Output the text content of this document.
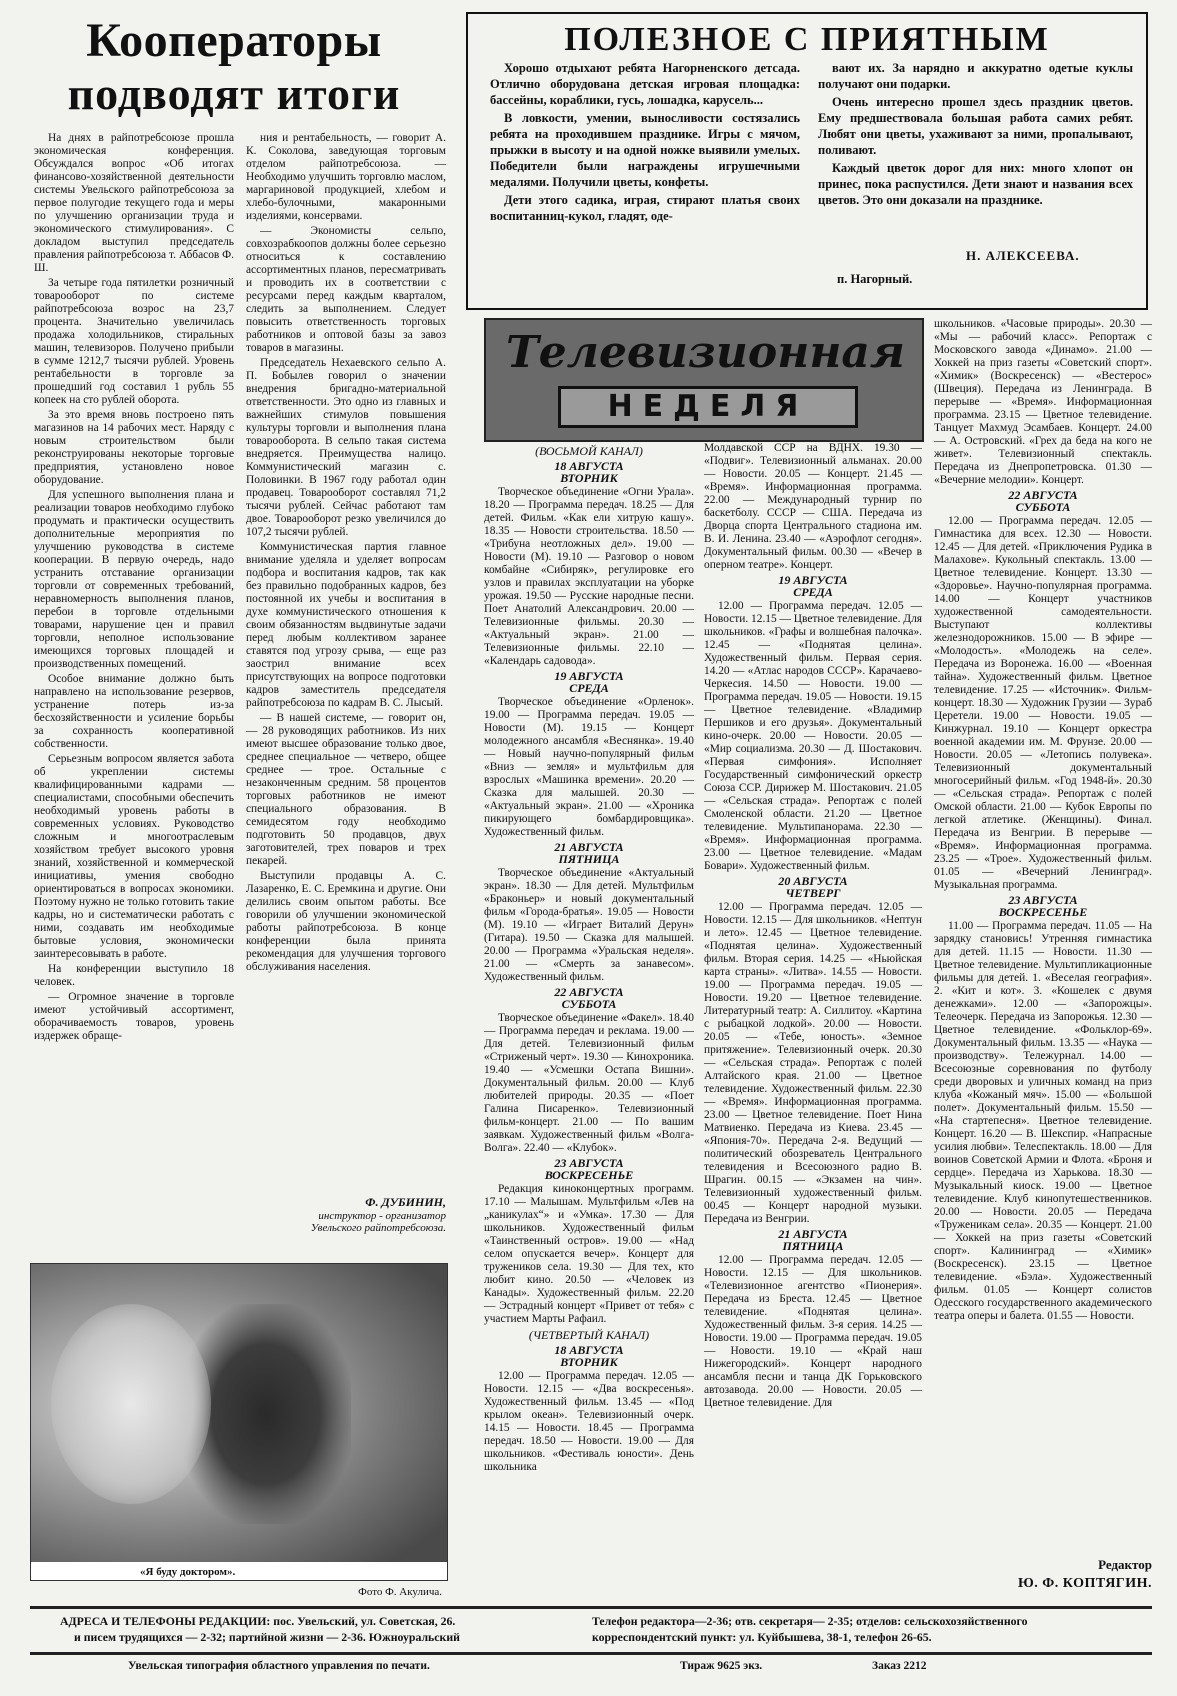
Кооператоры
подводят итоги

На днях в райпотребсоюзе прошла экономическая конференция. Обсуждался вопрос «Об итогах финансово-хозяйственной деятельности системы Увельского райпотребсоюза за первое полугодие текущего года и меры по улучшению организации труда и экономического стимулирования». С докладом выступил председатель правления райпотребсоюза т. Аббасов Ф. Ш.

За четыре года пятилетки розничный товарооборот по системе райпотребсоюза возрос на 23,7 процента. Значительно увеличилась продажа холодильников, стиральных машин, телевизоров. Получено прибыли в сумме 1212,7 тысячи рублей. Уровень рентабельности в торговле за прошедший год составил 1 рубль 55 копеек на сто рублей оборота.

За это время вновь построено пять магазинов на 14 рабочих мест. Наряду с новым строительством были реконструированы некоторые торговые предприятия, установлено новое оборудование.

Для успешного выполнения плана и реализации товаров необходимо глубоко продумать и практически осуществить дополнительные мероприятия по улучшению руководства в системе кооперации. В первую очередь, надо устранить отставание организации торговли от современных требований, неравномерность выполнения планов, перебои в торговле отдельными товарами, нарушение цен и правил торговли, неполное использование имеющихся торговых площадей и производственных помещений.

Особое внимание должно быть направлено на использование резервов, устранение потерь из-за бесхозяйственности и усиление борьбы за сохранность кооперативной собственности.

Серьезным вопросом является забота об укреплении системы квалифицированными кадрами — специалистами, способными обеспечить необходимый уровень работы в современных условиях. Руководство сложным и многоотраслевым хозяйством требует высокого уровня знаний, хозяйственной и коммерческой инициативы, умения свободно ориентироваться в вопросах экономики. Поэтому нужно не только готовить такие кадры, но и систематически работать с ними, создавать им необходимые бытовые условия, экономически заинтересовывать в работе.

На конференции выступило 18 человек.

— Огромное значение в торговле имеют устойчивый ассортимент, оборачиваемость товаров, уровень издержек обраще-

ния и рентабельность, — говорит А. К. Соколова, заведующая торговым отделом райпотребсоюза. — Необходимо улучшить торговлю маслом, маргариновой продукцией, хлебом и хлебо-булочными, макаронными изделиями, консервами.

— Экономисты сельпо, совхозрабкоопов должны более серьезно относиться к составлению ассортиментных планов, пересматривать и проводить их в соответствии с ресурсами перед каждым кварталом, следить за выполнением. Следует повысить ответственность торговых работников и оптовой базы за завоз товаров в магазины.

Председатель Нехаевского сельпо А. П. Бобылев говорил о значении внедрения бригадно-материальной ответственности. Это одно из главных и важнейших стимулов повышения культуры торговли и выполнения плана товарооборота. В сельпо такая система внедряется. Преимущества налицо. Коммунистический магазин с. Половинки. В 1967 году работал один продавец. Товарооборот составлял 71,2 тысячи рублей. Сейчас работают там двое. Товарооборот резко увеличился до 107,2 тысячи рублей.

Коммунистическая партия главное внимание уделяла и уделяет вопросам подбора и воспитания кадров, так как без правильно подобранных кадров, без постоянной их учебы и воспитания в духе коммунистического отношения к своим обязанностям выдвинутые задачи перед любым коллективом заранее ставятся под угрозу срыва, — еще раз заострил внимание всех присутствующих на вопросе подготовки кадров заместитель председателя райпотребсоюза по кадрам В. С. Лысый.

— В нашей системе, — говорит он, — 28 руководящих работников. Из них имеют высшее образование только двое, среднее специальное — четверо, общее среднее — трое. Остальные с незаконченным средним. 58 процентов торговых работников не имеют специального образования. В семидесятом году необходимо подготовить 50 продавцов, двух заготовителей, трех поваров и трех пекарей.

Выступили продавцы А. С. Лазаренко, Е. С. Еремкина и другие. Они делились своим опытом работы. Все говорили об улучшении экономической работы райпотребсоюза. В конце конференции была принята рекомендация для улучшения торгового обслуживания населения.

Ф. ДУБИНИН,
инструктор - организатор
Увельского райпотребсоюза.
«Я буду доктором».
Фото Ф. Акулича.
ПОЛЕЗНОЕ С ПРИЯТНЫМ

Хорошо отдыхают ребята Нагорненского детсада. Отлично оборудована детская игровая площадка: бассейны, кораблики, гусь, лошадка, карусель...

В ловкости, умении, выносливости состязались ребята на проходившем празднике. Игры с мячом, прыжки в высоту и на одной ножке выявили умелых. Победители были награждены игрушечными медалями. Получили цветы, конфеты.

Дети этого садика, играя, стирают платья своих воспитанниц-кукол, гладят, оде-

вают их. За нарядно и аккуратно одетые куклы получают они подарки.

Очень интересно прошел здесь праздник цветов. Ему предшествовала большая работа самих ребят. Любят они цветы, ухаживают за ними, пропалывают, поливают.

Каждый цветок дорог для них: много хлопот он принес, пока распустился. Дети знают и названия всех цветов. Это они доказали на празднике.

Н. АЛЕКСЕЕВА.
п. Нагорный.
Телевизионная
НЕДЕЛЯ
(ВОСЬМОЙ КАНАЛ)
18 АВГУСТА
ВТОРНИК

Творческое объединение «Огни Урала». 18.20 — Программа передач. 18.25 — Для детей. Фильм. «Как ели хитрую кашу». 18.35 — Новости строительства. 18.50 — «Трибуна неотложных дел». 19.00 — Новости (М). 19.10 — Разговор о новом комбайне «Сибиряк», регулировке его узлов и правилах эксплуатации на уборке урожая. 19.50 — Русские народные песни. Поет Анатолий Александрович. 20.00 — Телевизионные фильмы. 20.30 — «Актуальный экран». 21.00 — Телевизионные фильмы. 22.10 — «Календарь садовода».

19 АВГУСТА
СРЕДА

Творческое объединение «Орленок». 19.00 — Программа передач. 19.05 — Новости (М). 19.15 — Концерт молодежного ансамбля «Веснянка». 19.40 — Новый научно-популярный фильм «Вниз — земля» и мультфильм для взрослых «Машинка времени». 20.20 — Сказка для малышей. 20.30 — «Актуальный экран». 21.00 — «Хроника пикирующего бомбардировщика». Художественный фильм.

21 АВГУСТА
ПЯТНИЦА

Творческое объединение «Актуальный экран». 18.30 — Для детей. Мультфильм «Браконьер» и новый документальный фильм «Города-братья». 19.05 — Новости (М). 19.10 — «Играет Виталий Дерун» (Гитара). 19.50 — Сказка для малышей. 20.00 — Программа «Уральская неделя». 21.00 — «Смерть за занавесом». Художественный фильм.

22 АВГУСТА
СУББОТА

Творческое объединение «Факел». 18.40 — Программа передач и реклама. 19.00 — Для детей. Телевизионный фильм «Стриженый черт». 19.30 — Кинохроника. 19.40 — «Усмешки Остапа Вишни». Документальный фильм. 20.00 — Клуб любителей природы. 20.35 — «Поет Галина Писаренко». Телевизионный фильм-концерт. 21.00 — По вашим заявкам. Художественный фильм «Волга-Волга». 22.40 — «Клубок».

23 АВГУСТА
ВОСКРЕСЕНЬЕ

Редакция киноконцертных программ. 17.10 — Малышам. Мультфильм «Лев на „каникулах“» и «Умка». 17.30 — Для школьников. Художественный фильм «Таинственный остров». 19.00 — «Над селом опускается вечер». Концерт для тружеников села. 19.30 — Для тех, кто любит кино. 20.50 — «Человек из Канады». Художественный фильм. 22.20 — Эстрадный концерт «Привет от тебя» с участием Марты Рафаил.

(ЧЕТВЕРТЫЙ КАНАЛ)
18 АВГУСТА
ВТОРНИК

12.00 — Программа передач. 12.05 — Новости. 12.15 — «Два воскресенья». Художественный фильм. 13.45 — «Под крылом океан». Телевизионный очерк. 14.15 — Новости. 18.45 — Программа передач. 18.50 — Новости. 19.00 — Для школьников. «Фестиваль юности». День школьника

Молдавской ССР на ВДНХ. 19.30 — «Подвиг». Телевизионный альманах. 20.00 — Новости. 20.05 — Концерт. 21.45 — «Время». Информационная программа. 22.00 — Международный турнир по баскетболу. СССР — США. Передача из Дворца спорта Центрального стадиона им. В. И. Ленина. 23.40 — «Аэрофлот сегодня». Документальный фильм. 00.30 — «Вечер в оперном театре». Концерт.

19 АВГУСТА
СРЕДА

12.00 — Программа передач. 12.05 — Новости. 12.15 — Цветное телевидение. Для школьников. «Графы и волшебная палочка». 12.45 — «Поднятая целина». Художественный фильм. Первая серия. 14.20 — «Атлас народов СССР». Карачаево-Черкесия. 14.50 — Новости. 19.00 — Программа передач. 19.05 — Новости. 19.15 — Цветное телевидение. «Владимир Першиков и его друзья». Документальный кино-очерк. 20.00 — Новости. 20.05 — «Мир социализма. 20.30 — Д. Шостакович. «Первая симфония». Исполняет Государственный симфонический оркестр Союза ССР. Дирижер М. Шостакович. 21.05 — «Сельская страда». Репортаж с полей Смоленской области. 21.20 — Цветное телевидение. Мультипанорама. 22.30 — «Время». Информационная программа. 23.00 — Цветное телевидение. «Мадам Бовари». Художественный фильм.

20 АВГУСТА
ЧЕТВЕРГ

12.00 — Программа передач. 12.05 — Новости. 12.15 — Для школьников. «Нептун и лето». 12.45 — Цветное телевидение. «Поднятая целина». Художественный фильм. Вторая серия. 14.25 — «Ньюйская карта страны». «Литва». 14.55 — Новости. 19.00 — Программа передач. 19.05 — Новости. 19.20 — Цветное телевидение. Литературный театр: А. Силлитоу. «Картина с рыбацкой лодкой». 20.00 — Новости. 20.05 — «Тебе, юность». «Земное притяжение». Телевизионный очерк. 20.30 — «Сельская страда». Репортаж с полей Алтайского края. 21.00 — Цветное телевидение. Художественный фильм. 22.30 — «Время». Информационная программа. 23.00 — Цветное телевидение. Поет Нина Матвиенко. Передача из Киева. 23.45 — «Япония-70». Передача 2-я. Ведущий — политический обозреватель Центрального телевидения и Всесоюзного радио В. Шрагин. 00.15 — «Экзамен на чин». Телевизионный художественный фильм. 00.45 — Концерт народной музыки. Передача из Венгрии.

21 АВГУСТА
ПЯТНИЦА

12.00 — Программа передач. 12.05 — Новости. 12.15 — Для школьников. «Телевизионное агентство «Пионерия». Передача из Бреста. 12.45 — Цветное телевидение. «Поднятая целина». Художественный фильм. 3-я серия. 14.25 — Новости. 19.00 — Программа передач. 19.05 — Новости. 19.10 — «Край наш Нижегородский». Концерт народного ансамбля песни и танца ДК Горьковского автозавода. 20.00 — Новости. 20.05 — Цветное телевидение. Для

школьников. «Часовые природы». 20.30 — «Мы — рабочий класс». Репортаж с Московского завода «Динамо». 21.00 — Хоккей на приз газеты «Советский спорт». «Химик» (Воскресенск) — «Вестерос» (Швеция). Передача из Ленинграда. В перерыве — «Время». Информационная программа. 23.15 — Цветное телевидение. Танцует Махмуд Эсамбаев. Концерт. 24.00 — А. Островский. «Грех да беда на кого не живет». Телевизионный спектакль. Передача из Днепропетровска. 01.30 — «Вечерние мелодии». Концерт.

22 АВГУСТА
СУББОТА

12.00 — Программа передач. 12.05 — Гимнастика для всех. 12.30 — Новости. 12.45 — Для детей. «Приключения Рудика в Малахове». Кукольный спектакль. 13.00 — Цветное телевидение. Концерт. 13.30 — «Здоровье». Научно-популярная программа. 14.00 — Концерт участников художественной самодеятельности. Выступают коллективы железнодорожников. 15.00 — В эфире — «Молодость». «Молодежь на селе». Передача из Воронежа. 16.00 — «Военная тайна». Художественный фильм. Цветное телевидение. 17.25 — «Источник». Фильм-концерт. 18.30 — Художник Грузии — Зураб Церетели. 19.00 — Новости. 19.05 — Кинжурнал. 19.10 — Концерт оркестра военной академии им. М. Фрунзе. 20.00 — Новости. 20.05 — «Летопись полувека». Телевизионный документальный многосерийный фильм. «Год 1948-й». 20.30 — «Сельская страда». Репортаж с полей Омской области. 21.00 — Кубок Европы по легкой атлетике. (Женщины). Финал. Передача из Венгрии. В перерыве — «Время». Информационная программа. 23.25 — «Трое». Художественный фильм. 01.05 — «Вечерний Ленинград». Музыкальная программа.

23 АВГУСТА
ВОСКРЕСЕНЬЕ

11.00 — Программа передач. 11.05 — На зарядку становись! Утренняя гимнастика для детей. 11.15 — Новости. 11.30 — Цветное телевидение. Мультипликационные фильмы для детей. 1. «Веселая география». 2. «Кит и кот». 3. «Кошелек с двумя денежками». 12.00 — «Запорожцы». Телеочерк. Передача из Запорожья. 12.30 — Цветное телевидение. «Фольклор-69». Документальный фильм. 13.35 — «Наука — производству». Тележурнал. 14.00 — Всесоюзные соревнования по футболу среди дворовых и уличных команд на приз клуба «Кожаный мяч». 15.00 — «Большой полет». Документальный фильм. 15.50 — «На стартепесня». Цветное телевидение. Концерт. 16.20 — В. Шекспир. «Напрасные усилия любви». Телеспектакль. 18.00 — Для воинов Советской Армии и Флота. «Броня и сердце». Передача из Харькова. 18.30 — Музыкальный киоск. 19.00 — Цветное телевидение. Клуб кинопутешественников. 20.00 — Новости. 20.05 — Передача «Труженикам села». 20.35 — Концерт. 21.00 — Хоккей на приз газеты «Советский спорт». Калининград — «Химик» (Воскресенск). 23.15 — Цветное телевидение. «Бэла». Художественный фильм. 01.05 — Концерт солистов Одесского государственного академического театра оперы и балета. 01.55 — Новости.

Редактор
Ю. Ф. КОПТЯГИН.
АДРЕСА И ТЕЛЕФОНЫ РЕДАКЦИИ: пос. Увельский, ул. Советская, 26.
и писем трудящихся — 2-32; партийной жизни — 2-36. Южноуральский
Телефон редактора—2-36; отв. секретаря— 2-35; отделов: сельскохозяйственного
корреспондентский пункт: ул. Куйбышева, 38-1, телефон 26-65.
Увельская типография областного управления по печати.	Тираж 9625 экз.	Заказ 2212
